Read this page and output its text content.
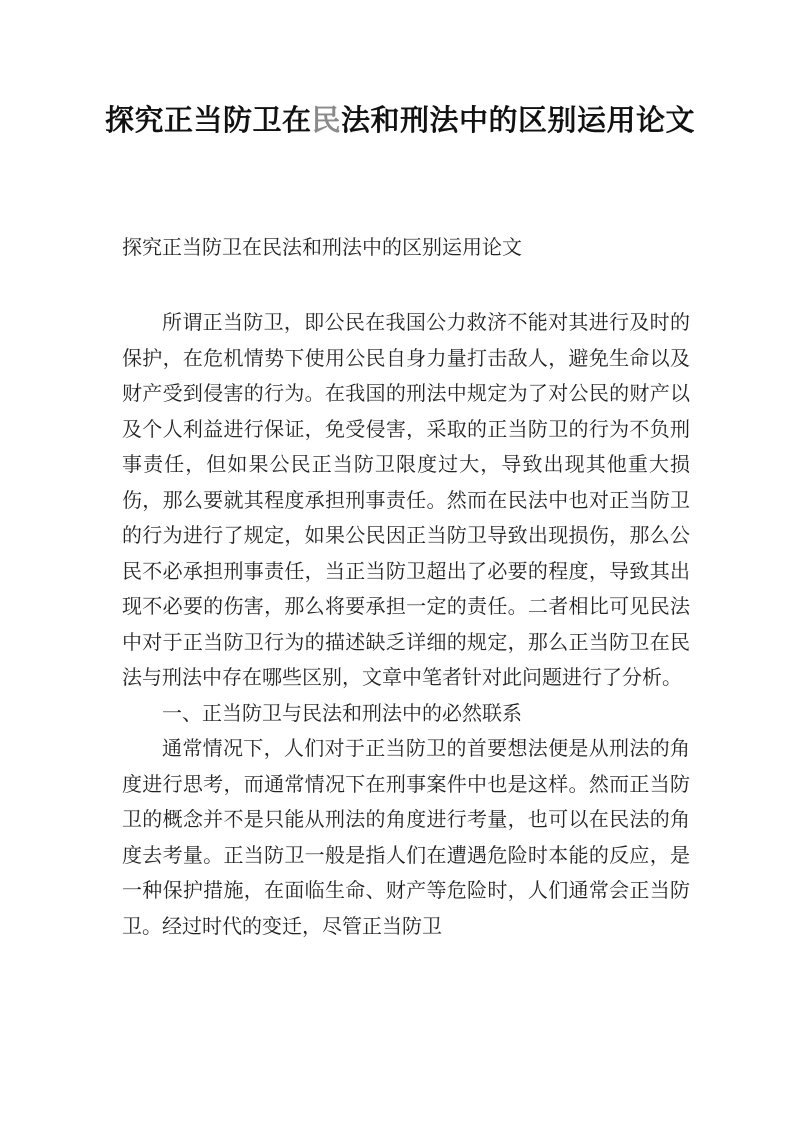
探究正当防卫在民法和刑法中的区别运用论文
探究正当防卫在民法和刑法中的区别运用论文

所谓正当防卫，即公民在我国公力救济不能对其进行及时的保护，在危机情势下使用公民自身力量打击敌人，避免生命以及财产受到侵害的行为。在我国的刑法中规定为了对公民的财产以及个人利益进行保证，免受侵害，采取的正当防卫的行为不负刑事责任，但如果公民正当防卫限度过大，导致出现其他重大损伤，那么要就其程度承担刑事责任。然而在民法中也对正当防卫的行为进行了规定，如果公民因正当防卫导致出现损伤，那么公民不必承担刑事责任，当正当防卫超出了必要的程度，导致其出现不必要的伤害，那么将要承担一定的责任。二者相比可见民法中对于正当防卫行为的描述缺乏详细的规定，那么正当防卫在民法与刑法中存在哪些区别，文章中笔者针对此问题进行了分析。

一、正当防卫与民法和刑法中的必然联系

通常情况下，人们对于正当防卫的首要想法便是从刑法的角度进行思考，而通常情况下在刑事案件中也是这样。然而正当防卫的概念并不是只能从刑法的角度进行考量，也可以在民法的角度去考量。正当防卫一般是指人们在遭遇危险时本能的反应，是一种保护措施，在面临生命、财产等危险时，人们通常会正当防卫。经过时代的变迁，尽管正当防卫
